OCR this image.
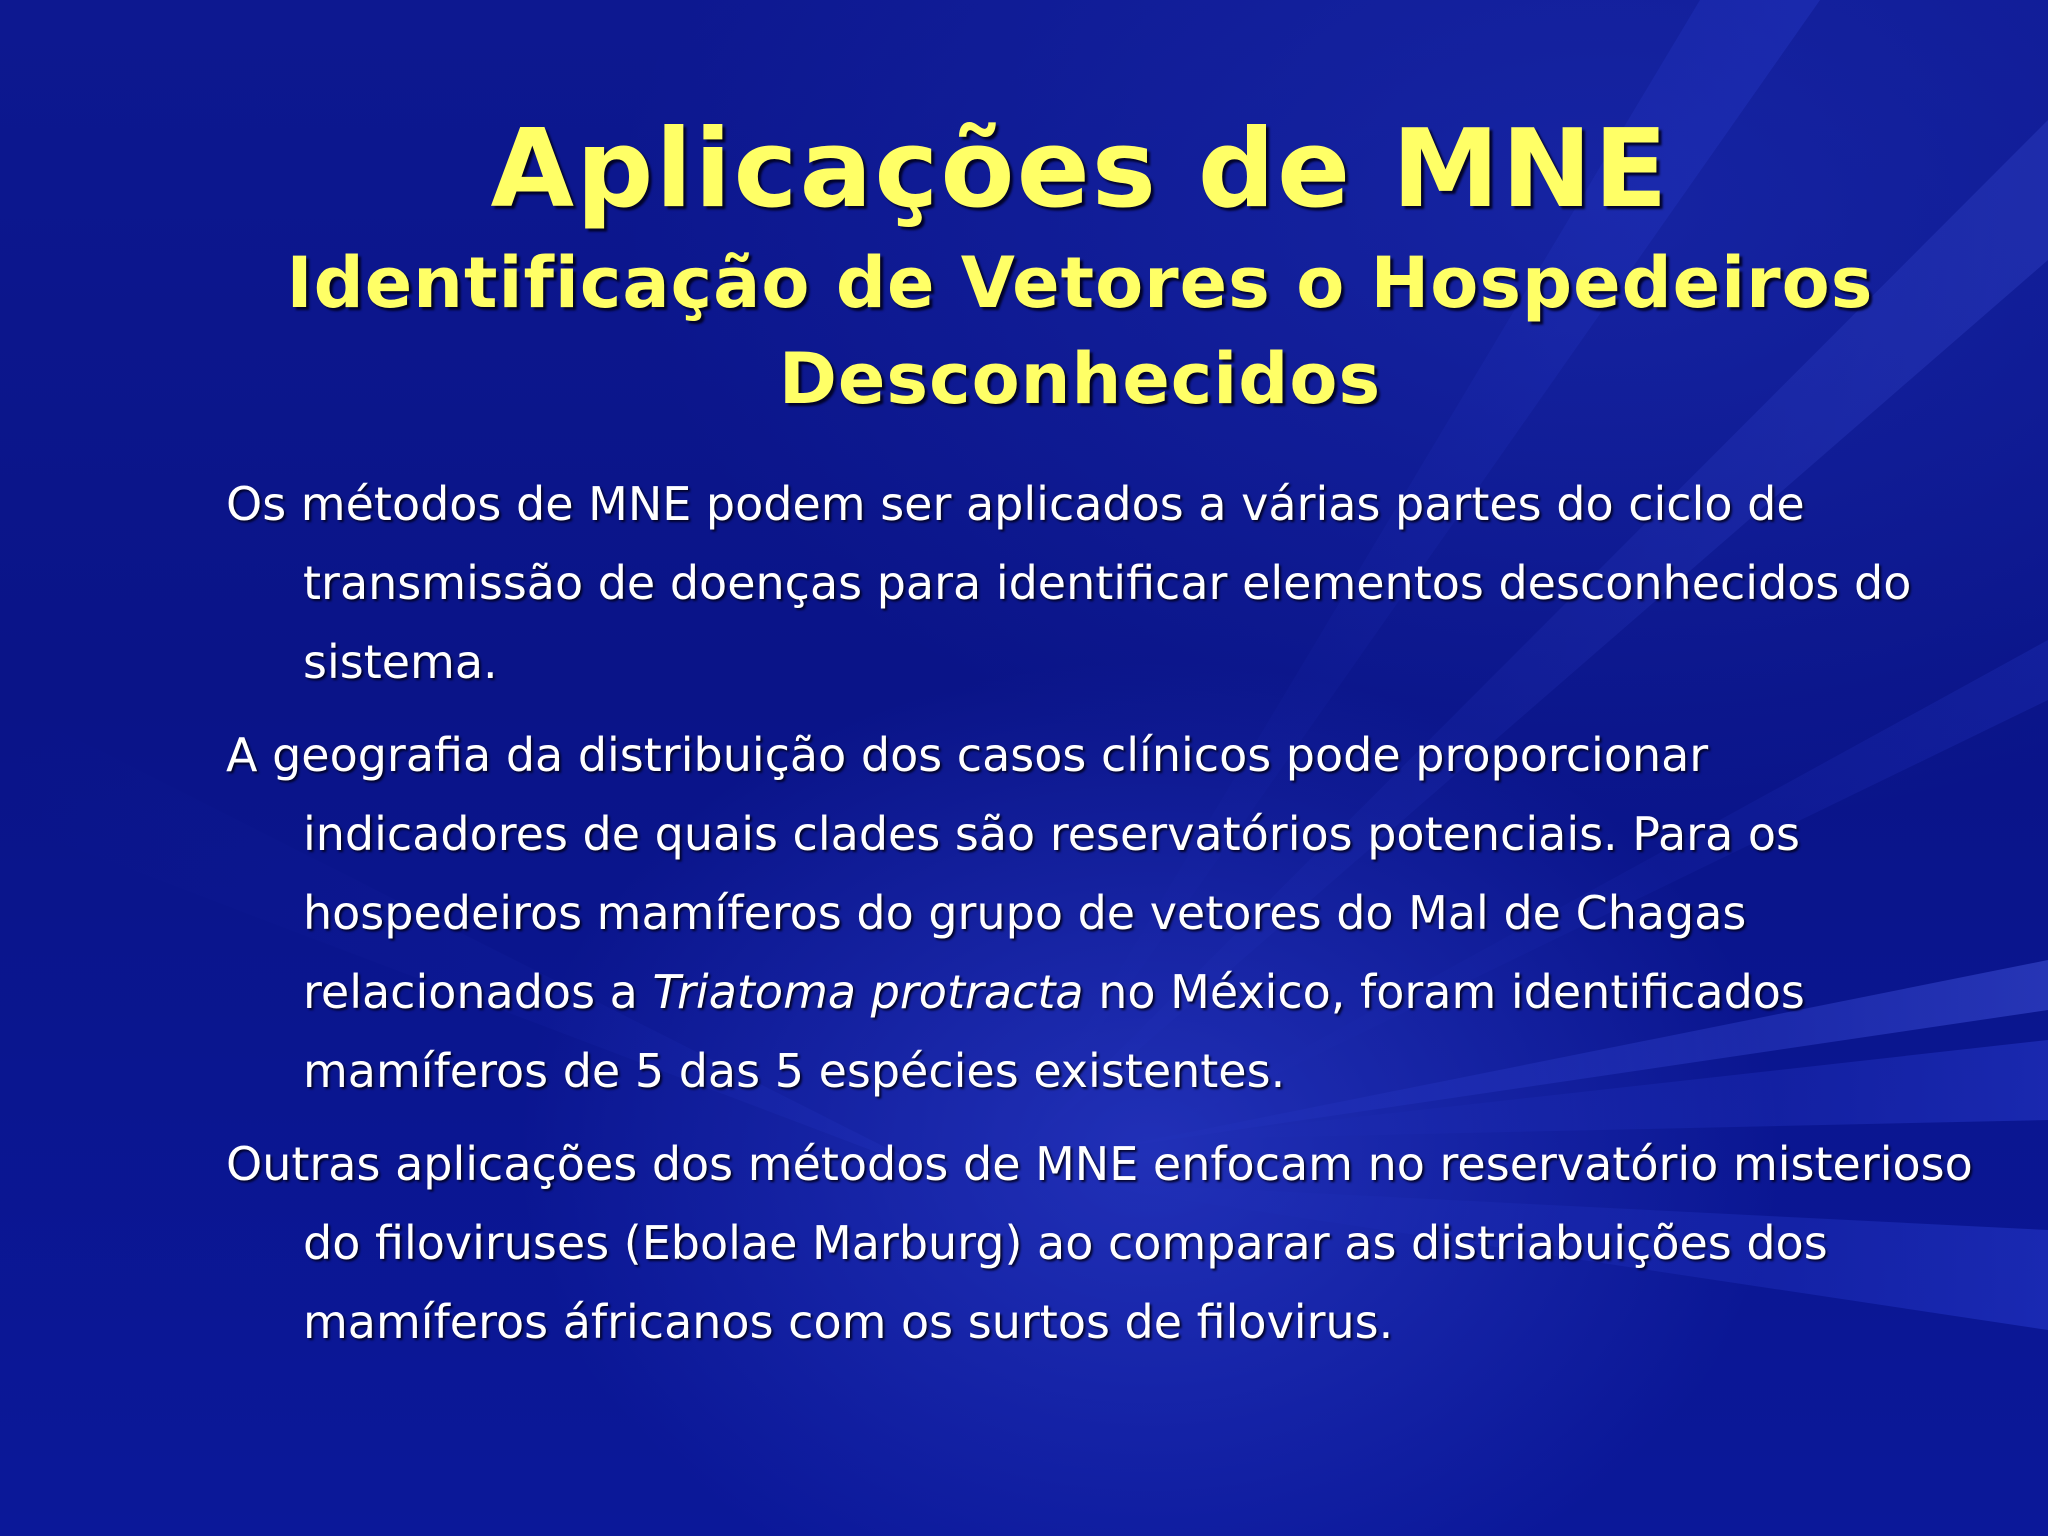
Aplicações de MNE
Identificação de Vetores o Hospedeiros Desconhecidos

Os métodos de MNE podem ser aplicados a várias partes do ciclo de transmissão de doenças para identificar elementos desconhecidos do sistema.

A geografia da distribuição dos casos clínicos pode proporcionar indicadores de quais clades são reservatórios potenciais. Para os hospedeiros mamíferos do grupo de vetores do Mal de Chagas relacionados a Triatoma protracta no México, foram identificados mamíferos de 5 das 5 espécies existentes.

Outras aplicações dos métodos de MNE enfocam no reservatório misterioso do filoviruses (Ebolae Marburg) ao comparar as distriabuições dos mamíferos áfricanos com os surtos de filovirus.
